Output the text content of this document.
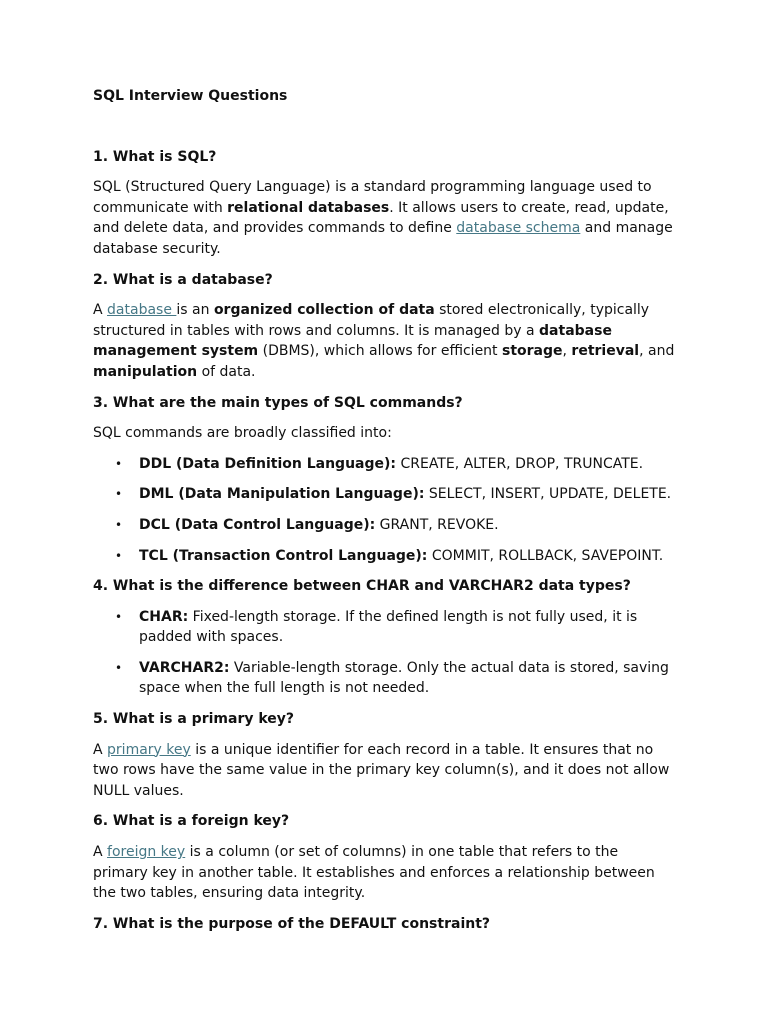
SQL Interview Questions
1. What is SQL?
SQL (Structured Query Language) is a standard programming language used to communicate with relational databases. It allows users to create, read, update, and delete data, and provides commands to define database schema and manage database security.
2. What is a database?
A database is an organized collection of data stored electronically, typically structured in tables with rows and columns. It is managed by a database management system (DBMS), which allows for efficient storage, retrieval, and manipulation of data.
3. What are the main types of SQL commands?
SQL commands are broadly classified into:
• DDL (Data Definition Language): CREATE, ALTER, DROP, TRUNCATE.
• DML (Data Manipulation Language): SELECT, INSERT, UPDATE, DELETE.
• DCL (Data Control Language): GRANT, REVOKE.
• TCL (Transaction Control Language): COMMIT, ROLLBACK, SAVEPOINT.
4. What is the difference between CHAR and VARCHAR2 data types?
• CHAR: Fixed-length storage. If the defined length is not fully used, it is padded with spaces.
• VARCHAR2: Variable-length storage. Only the actual data is stored, saving space when the full length is not needed.
5. What is a primary key?
A primary key is a unique identifier for each record in a table. It ensures that no two rows have the same value in the primary key column(s), and it does not allow NULL values.
6. What is a foreign key?
A foreign key is a column (or set of columns) in one table that refers to the primary key in another table. It establishes and enforces a relationship between the two tables, ensuring data integrity.
7. What is the purpose of the DEFAULT constraint?
